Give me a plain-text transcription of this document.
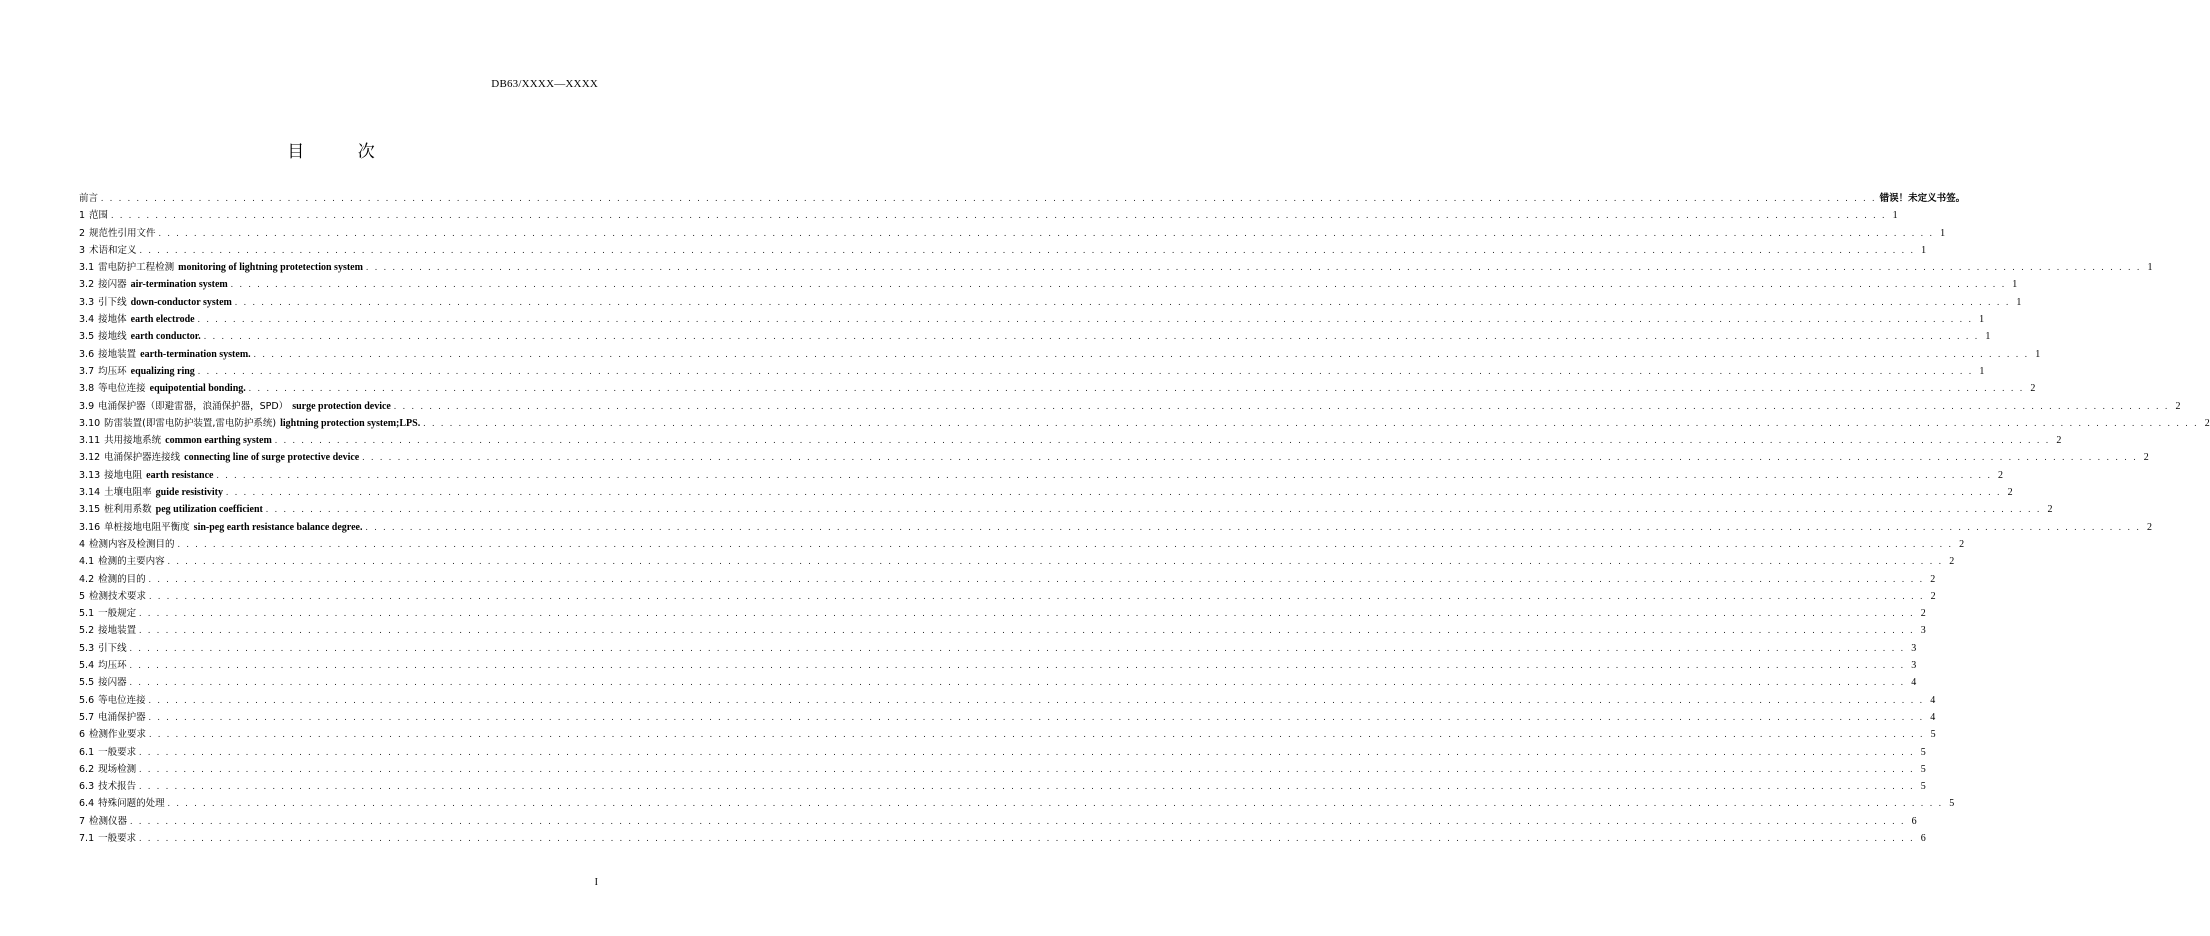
DB63/XXXX—XXXX
目 次
前言 . . . . . . . . . . . . . . . . . . . . . . . . . . . . . . . . . . . . . . . . . . . . . . . . . . . . . . . . . . . . . . . . . . . . . . . . . . . . . . . . . . . . . . . . . . . . . . . . . . . . . . . . . . . . . . . . . . . . . . . . . . . . . . . . . . . . . . . . . . . . . . . . . . . . . . . . . . . . . . . . . . . . . . . . . . . . . . . . . . . . . . . . . . . . . . . . . . . . . . . . 错误！未定义书签。
1 范围 . . . . . . . . . . . . . . . . . . . . . . . . . . . . . . . . . . . . . . . . . . . . . . . . . . . . . . . . . . . . . . . . . . . . . . . . . . . . . . . . . . . . . . . . . . . . . . . . . . . . . . . . . . . . . . . . . . . . . . . . . . . . . . . . . . . . . . . . . . . . . . . . . . . . . . . . . . . . . . . . . . . . . . . . . . . . . . . . . . . . . . . . . . . . . . . . . . . . . . . . 1
2 规范性引用文件 . . . . . . . . . . . . . . . . . . . . . . . . . . . . . . . . . . . . . . . . . . . . . . . . . . . . . . . . . . . . . . . . . . . . . . . . . . . . . . . . . . . . . . . . . . . . . . . . . . . . . . . . . . . . . . . . . . . . . . . . . . . . . . . . . . . . . . . . . . . . . . . . . . . . . . . . . . . . . . . . . . . . . . . . . . . . . . . . . . . . . . . . . . . . . . . . . . . . . . . . 1
3 术语和定义 . . . . . . . . . . . . . . . . . . . . . . . . . . . . . . . . . . . . . . . . . . . . . . . . . . . . . . . . . . . . . . . . . . . . . . . . . . . . . . . . . . . . . . . . . . . . . . . . . . . . . . . . . . . . . . . . . . . . . . . . . . . . . . . . . . . . . . . . . . . . . . . . . . . . . . . . . . . . . . . . . . . . . . . . . . . . . . . . . . . . . . . . . . . . . . . . . . . . . . . . 1
3.1 雷电防护工程检测 monitoring of lightning protetection system . . . . . . . . . . . . . . . . . . . . . . . . . . . . . . . . . . . . . . . . . . . . . . . . . . . . . . . . . . . . . . . . . . . . . . . . . . . . . . . . . . . . . . . . . . . . . . . . . . . . . . . . . . . . . . . . . . . . . . . . . . . . . . . . . . . . . . . . . . . . . . . . . . . . . . . . . . . . . . . . . . . . . . . . . . . . . . . . . . . . . . . . . . . . . . . . . . . . . . . . 1
3.2 接闪器 air-termination system . . . . . . . . . . . . . . . . . . . . . . . . . . . . . . . . . . . . . . . . . . . . . . . . . . . . . . . . . . . . . . . . . . . . . . . . . . . . . . . . . . . . . . . . . . . . . . . . . . . . . . . . . . . . . . . . . . . . . . . . . . . . . . . . . . . . . . . . . . . . . . . . . . . . . . . . . . . . . . . . . . . . . . . . . . . . . . . . . . . . . . . . . . . . . . . . . . . . . . . . 1
3.3 引下线 down-conductor system . . . . . . . . . . . . . . . . . . . . . . . . . . . . . . . . . . . . . . . . . . . . . . . . . . . . . . . . . . . . . . . . . . . . . . . . . . . . . . . . . . . . . . . . . . . . . . . . . . . . . . . . . . . . . . . . . . . . . . . . . . . . . . . . . . . . . . . . . . . . . . . . . . . . . . . . . . . . . . . . . . . . . . . . . . . . . . . . . . . . . . . . . . . . . . . . . . . . . . . . 1
3.4 接地体 earth electrode . . . . . . . . . . . . . . . . . . . . . . . . . . . . . . . . . . . . . . . . . . . . . . . . . . . . . . . . . . . . . . . . . . . . . . . . . . . . . . . . . . . . . . . . . . . . . . . . . . . . . . . . . . . . . . . . . . . . . . . . . . . . . . . . . . . . . . . . . . . . . . . . . . . . . . . . . . . . . . . . . . . . . . . . . . . . . . . . . . . . . . . . . . . . . . . . . . . . . . . . 1
3.5 接地线 earth conductor. . . . . . . . . . . . . . . . . . . . . . . . . . . . . . . . . . . . . . . . . . . . . . . . . . . . . . . . . . . . . . . . . . . . . . . . . . . . . . . . . . . . . . . . . . . . . . . . . . . . . . . . . . . . . . . . . . . . . . . . . . . . . . . . . . . . . . . . . . . . . . . . . . . . . . . . . . . . . . . . . . . . . . . . . . . . . . . . . . . . . . . . . . . . . . . . . . . . . . . . . 1
3.6 接地装置 earth-termination system. . . . . . . . . . . . . . . . . . . . . . . . . . . . . . . . . . . . . . . . . . . . . . . . . . . . . . . . . . . . . . . . . . . . . . . . . . . . . . . . . . . . . . . . . . . . . . . . . . . . . . . . . . . . . . . . . . . . . . . . . . . . . . . . . . . . . . . . . . . . . . . . . . . . . . . . . . . . . . . . . . . . . . . . . . . . . . . . . . . . . . . . . . . . . . . . . . . . . . . . . 1
3.7 均压环 equalizing ring . . . . . . . . . . . . . . . . . . . . . . . . . . . . . . . . . . . . . . . . . . . . . . . . . . . . . . . . . . . . . . . . . . . . . . . . . . . . . . . . . . . . . . . . . . . . . . . . . . . . . . . . . . . . . . . . . . . . . . . . . . . . . . . . . . . . . . . . . . . . . . . . . . . . . . . . . . . . . . . . . . . . . . . . . . . . . . . . . . . . . . . . . . . . . . . . . . . . . . . . 1
3.8 等电位连接 equipotential bonding. . . . . . . . . . . . . . . . . . . . . . . . . . . . . . . . . . . . . . . . . . . . . . . . . . . . . . . . . . . . . . . . . . . . . . . . . . . . . . . . . . . . . . . . . . . . . . . . . . . . . . . . . . . . . . . . . . . . . . . . . . . . . . . . . . . . . . . . . . . . . . . . . . . . . . . . . . . . . . . . . . . . . . . . . . . . . . . . . . . . . . . . . . . . . . . . . . . . . . . . . 2
3.9 电涌保护器（即避雷器，浪涌保护器，SPD） surge protection device . . . . . . . . . . . . . . . . . . . . . . . . . . . . . . . . . . . . . . . . . . . . . . . . . . . . . . . . . . . . . . . . . . . . . . . . . . . . . . . . . . . . . . . . . . . . . . . . . . . . . . . . . . . . . . . . . . . . . . . . . . . . . . . . . . . . . . . . . . . . . . . . . . . . . . . . . . . . . . . . . . . . . . . . . . . . . . . . . . . . . . . . . . . . . . . . . . . . . . . . 2
3.10 防雷装置(即雷电防护装置,雷电防护系统) lightning protection system;LPS. . . . . . . . . . . . . . . . . . . . . . . . . . . . . . . . . . . . . . . . . . . . . . . . . . . . . . . . . . . . . . . . . . . . . . . . . . . . . . . . . . . . . . . . . . . . . . . . . . . . . . . . . . . . . . . . . . . . . . . . . . . . . . . . . . . . . . . . . . . . . . . . . . . . . . . . . . . . . . . . . . . . . . . . . . . . . . . . . . . . . . . . . . . . . . . . . . . . . . . . . 2
3.11 共用接地系统 common earthing system . . . . . . . . . . . . . . . . . . . . . . . . . . . . . . . . . . . . . . . . . . . . . . . . . . . . . . . . . . . . . . . . . . . . . . . . . . . . . . . . . . . . . . . . . . . . . . . . . . . . . . . . . . . . . . . . . . . . . . . . . . . . . . . . . . . . . . . . . . . . . . . . . . . . . . . . . . . . . . . . . . . . . . . . . . . . . . . . . . . . . . . . . . . . . . . . . . . . . . . . 2
3.12 电涌保护器连接线 connecting line of surge protective device . . . . . . . . . . . . . . . . . . . . . . . . . . . . . . . . . . . . . . . . . . . . . . . . . . . . . . . . . . . . . . . . . . . . . . . . . . . . . . . . . . . . . . . . . . . . . . . . . . . . . . . . . . . . . . . . . . . . . . . . . . . . . . . . . . . . . . . . . . . . . . . . . . . . . . . . . . . . . . . . . . . . . . . . . . . . . . . . . . . . . . . . . . . . . . . . . . . . . . . . 2
3.13 接地电阻 earth resistance . . . . . . . . . . . . . . . . . . . . . . . . . . . . . . . . . . . . . . . . . . . . . . . . . . . . . . . . . . . . . . . . . . . . . . . . . . . . . . . . . . . . . . . . . . . . . . . . . . . . . . . . . . . . . . . . . . . . . . . . . . . . . . . . . . . . . . . . . . . . . . . . . . . . . . . . . . . . . . . . . . . . . . . . . . . . . . . . . . . . . . . . . . . . . . . . . . . . . . . . 2
3.14 土壤电阻率 guide resistivity . . . . . . . . . . . . . . . . . . . . . . . . . . . . . . . . . . . . . . . . . . . . . . . . . . . . . . . . . . . . . . . . . . . . . . . . . . . . . . . . . . . . . . . . . . . . . . . . . . . . . . . . . . . . . . . . . . . . . . . . . . . . . . . . . . . . . . . . . . . . . . . . . . . . . . . . . . . . . . . . . . . . . . . . . . . . . . . . . . . . . . . . . . . . . . . . . . . . . . . . 2
3.15 桩利用系数 peg utilization coefficient . . . . . . . . . . . . . . . . . . . . . . . . . . . . . . . . . . . . . . . . . . . . . . . . . . . . . . . . . . . . . . . . . . . . . . . . . . . . . . . . . . . . . . . . . . . . . . . . . . . . . . . . . . . . . . . . . . . . . . . . . . . . . . . . . . . . . . . . . . . . . . . . . . . . . . . . . . . . . . . . . . . . . . . . . . . . . . . . . . . . . . . . . . . . . . . . . . . . . . . . 2
3.16 单桩接地电阻平衡度 sin-peg earth resistance balance degree. . . . . . . . . . . . . . . . . . . . . . . . . . . . . . . . . . . . . . . . . . . . . . . . . . . . . . . . . . . . . . . . . . . . . . . . . . . . . . . . . . . . . . . . . . . . . . . . . . . . . . . . . . . . . . . . . . . . . . . . . . . . . . . . . . . . . . . . . . . . . . . . . . . . . . . . . . . . . . . . . . . . . . . . . . . . . . . . . . . . . . . . . . . . . . . . . . . . . . . . . 2
4 检测内容及检测目的 . . . . . . . . . . . . . . . . . . . . . . . . . . . . . . . . . . . . . . . . . . . . . . . . . . . . . . . . . . . . . . . . . . . . . . . . . . . . . . . . . . . . . . . . . . . . . . . . . . . . . . . . . . . . . . . . . . . . . . . . . . . . . . . . . . . . . . . . . . . . . . . . . . . . . . . . . . . . . . . . . . . . . . . . . . . . . . . . . . . . . . . . . . . . . . . . . . . . . . . . 2
4.1 检测的主要内容 . . . . . . . . . . . . . . . . . . . . . . . . . . . . . . . . . . . . . . . . . . . . . . . . . . . . . . . . . . . . . . . . . . . . . . . . . . . . . . . . . . . . . . . . . . . . . . . . . . . . . . . . . . . . . . . . . . . . . . . . . . . . . . . . . . . . . . . . . . . . . . . . . . . . . . . . . . . . . . . . . . . . . . . . . . . . . . . . . . . . . . . . . . . . . . . . . . . . . . . . 2
4.2 检测的目的 . . . . . . . . . . . . . . . . . . . . . . . . . . . . . . . . . . . . . . . . . . . . . . . . . . . . . . . . . . . . . . . . . . . . . . . . . . . . . . . . . . . . . . . . . . . . . . . . . . . . . . . . . . . . . . . . . . . . . . . . . . . . . . . . . . . . . . . . . . . . . . . . . . . . . . . . . . . . . . . . . . . . . . . . . . . . . . . . . . . . . . . . . . . . . . . . . . . . . . . . 2
5 检测技术要求 . . . . . . . . . . . . . . . . . . . . . . . . . . . . . . . . . . . . . . . . . . . . . . . . . . . . . . . . . . . . . . . . . . . . . . . . . . . . . . . . . . . . . . . . . . . . . . . . . . . . . . . . . . . . . . . . . . . . . . . . . . . . . . . . . . . . . . . . . . . . . . . . . . . . . . . . . . . . . . . . . . . . . . . . . . . . . . . . . . . . . . . . . . . . . . . . . . . . . . . . 2
5.1 一般规定 . . . . . . . . . . . . . . . . . . . . . . . . . . . . . . . . . . . . . . . . . . . . . . . . . . . . . . . . . . . . . . . . . . . . . . . . . . . . . . . . . . . . . . . . . . . . . . . . . . . . . . . . . . . . . . . . . . . . . . . . . . . . . . . . . . . . . . . . . . . . . . . . . . . . . . . . . . . . . . . . . . . . . . . . . . . . . . . . . . . . . . . . . . . . . . . . . . . . . . . . 2
5.2 接地装置 . . . . . . . . . . . . . . . . . . . . . . . . . . . . . . . . . . . . . . . . . . . . . . . . . . . . . . . . . . . . . . . . . . . . . . . . . . . . . . . . . . . . . . . . . . . . . . . . . . . . . . . . . . . . . . . . . . . . . . . . . . . . . . . . . . . . . . . . . . . . . . . . . . . . . . . . . . . . . . . . . . . . . . . . . . . . . . . . . . . . . . . . . . . . . . . . . . . . . . . . 3
5.3 引下线 . . . . . . . . . . . . . . . . . . . . . . . . . . . . . . . . . . . . . . . . . . . . . . . . . . . . . . . . . . . . . . . . . . . . . . . . . . . . . . . . . . . . . . . . . . . . . . . . . . . . . . . . . . . . . . . . . . . . . . . . . . . . . . . . . . . . . . . . . . . . . . . . . . . . . . . . . . . . . . . . . . . . . . . . . . . . . . . . . . . . . . . . . . . . . . . . . . . . . . . . 3
5.4 均压环 . . . . . . . . . . . . . . . . . . . . . . . . . . . . . . . . . . . . . . . . . . . . . . . . . . . . . . . . . . . . . . . . . . . . . . . . . . . . . . . . . . . . . . . . . . . . . . . . . . . . . . . . . . . . . . . . . . . . . . . . . . . . . . . . . . . . . . . . . . . . . . . . . . . . . . . . . . . . . . . . . . . . . . . . . . . . . . . . . . . . . . . . . . . . . . . . . . . . . . . . 3
5.5 接闪器 . . . . . . . . . . . . . . . . . . . . . . . . . . . . . . . . . . . . . . . . . . . . . . . . . . . . . . . . . . . . . . . . . . . . . . . . . . . . . . . . . . . . . . . . . . . . . . . . . . . . . . . . . . . . . . . . . . . . . . . . . . . . . . . . . . . . . . . . . . . . . . . . . . . . . . . . . . . . . . . . . . . . . . . . . . . . . . . . . . . . . . . . . . . . . . . . . . . . . . . . 4
5.6 等电位连接 . . . . . . . . . . . . . . . . . . . . . . . . . . . . . . . . . . . . . . . . . . . . . . . . . . . . . . . . . . . . . . . . . . . . . . . . . . . . . . . . . . . . . . . . . . . . . . . . . . . . . . . . . . . . . . . . . . . . . . . . . . . . . . . . . . . . . . . . . . . . . . . . . . . . . . . . . . . . . . . . . . . . . . . . . . . . . . . . . . . . . . . . . . . . . . . . . . . . . . . . 4
5.7 电涌保护器 . . . . . . . . . . . . . . . . . . . . . . . . . . . . . . . . . . . . . . . . . . . . . . . . . . . . . . . . . . . . . . . . . . . . . . . . . . . . . . . . . . . . . . . . . . . . . . . . . . . . . . . . . . . . . . . . . . . . . . . . . . . . . . . . . . . . . . . . . . . . . . . . . . . . . . . . . . . . . . . . . . . . . . . . . . . . . . . . . . . . . . . . . . . . . . . . . . . . . . . . 4
6 检测作业要求 . . . . . . . . . . . . . . . . . . . . . . . . . . . . . . . . . . . . . . . . . . . . . . . . . . . . . . . . . . . . . . . . . . . . . . . . . . . . . . . . . . . . . . . . . . . . . . . . . . . . . . . . . . . . . . . . . . . . . . . . . . . . . . . . . . . . . . . . . . . . . . . . . . . . . . . . . . . . . . . . . . . . . . . . . . . . . . . . . . . . . . . . . . . . . . . . . . . . . . . . 5
6.1 一般要求 . . . . . . . . . . . . . . . . . . . . . . . . . . . . . . . . . . . . . . . . . . . . . . . . . . . . . . . . . . . . . . . . . . . . . . . . . . . . . . . . . . . . . . . . . . . . . . . . . . . . . . . . . . . . . . . . . . . . . . . . . . . . . . . . . . . . . . . . . . . . . . . . . . . . . . . . . . . . . . . . . . . . . . . . . . . . . . . . . . . . . . . . . . . . . . . . . . . . . . . . 5
6.2 现场检测 . . . . . . . . . . . . . . . . . . . . . . . . . . . . . . . . . . . . . . . . . . . . . . . . . . . . . . . . . . . . . . . . . . . . . . . . . . . . . . . . . . . . . . . . . . . . . . . . . . . . . . . . . . . . . . . . . . . . . . . . . . . . . . . . . . . . . . . . . . . . . . . . . . . . . . . . . . . . . . . . . . . . . . . . . . . . . . . . . . . . . . . . . . . . . . . . . . . . . . . . 5
6.3 技术报告 . . . . . . . . . . . . . . . . . . . . . . . . . . . . . . . . . . . . . . . . . . . . . . . . . . . . . . . . . . . . . . . . . . . . . . . . . . . . . . . . . . . . . . . . . . . . . . . . . . . . . . . . . . . . . . . . . . . . . . . . . . . . . . . . . . . . . . . . . . . . . . . . . . . . . . . . . . . . . . . . . . . . . . . . . . . . . . . . . . . . . . . . . . . . . . . . . . . . . . . . 5
6.4 特殊问题的处理 . . . . . . . . . . . . . . . . . . . . . . . . . . . . . . . . . . . . . . . . . . . . . . . . . . . . . . . . . . . . . . . . . . . . . . . . . . . . . . . . . . . . . . . . . . . . . . . . . . . . . . . . . . . . . . . . . . . . . . . . . . . . . . . . . . . . . . . . . . . . . . . . . . . . . . . . . . . . . . . . . . . . . . . . . . . . . . . . . . . . . . . . . . . . . . . . . . . . . . . . 5
7 检测仪器 . . . . . . . . . . . . . . . . . . . . . . . . . . . . . . . . . . . . . . . . . . . . . . . . . . . . . . . . . . . . . . . . . . . . . . . . . . . . . . . . . . . . . . . . . . . . . . . . . . . . . . . . . . . . . . . . . . . . . . . . . . . . . . . . . . . . . . . . . . . . . . . . . . . . . . . . . . . . . . . . . . . . . . . . . . . . . . . . . . . . . . . . . . . . . . . . . . . . . . . . 6
7.1 一般要求 . . . . . . . . . . . . . . . . . . . . . . . . . . . . . . . . . . . . . . . . . . . . . . . . . . . . . . . . . . . . . . . . . . . . . . . . . . . . . . . . . . . . . . . . . . . . . . . . . . . . . . . . . . . . . . . . . . . . . . . . . . . . . . . . . . . . . . . . . . . . . . . . . . . . . . . . . . . . . . . . . . . . . . . . . . . . . . . . . . . . . . . . . . . . . . . . . . . . . . . . 6
I
